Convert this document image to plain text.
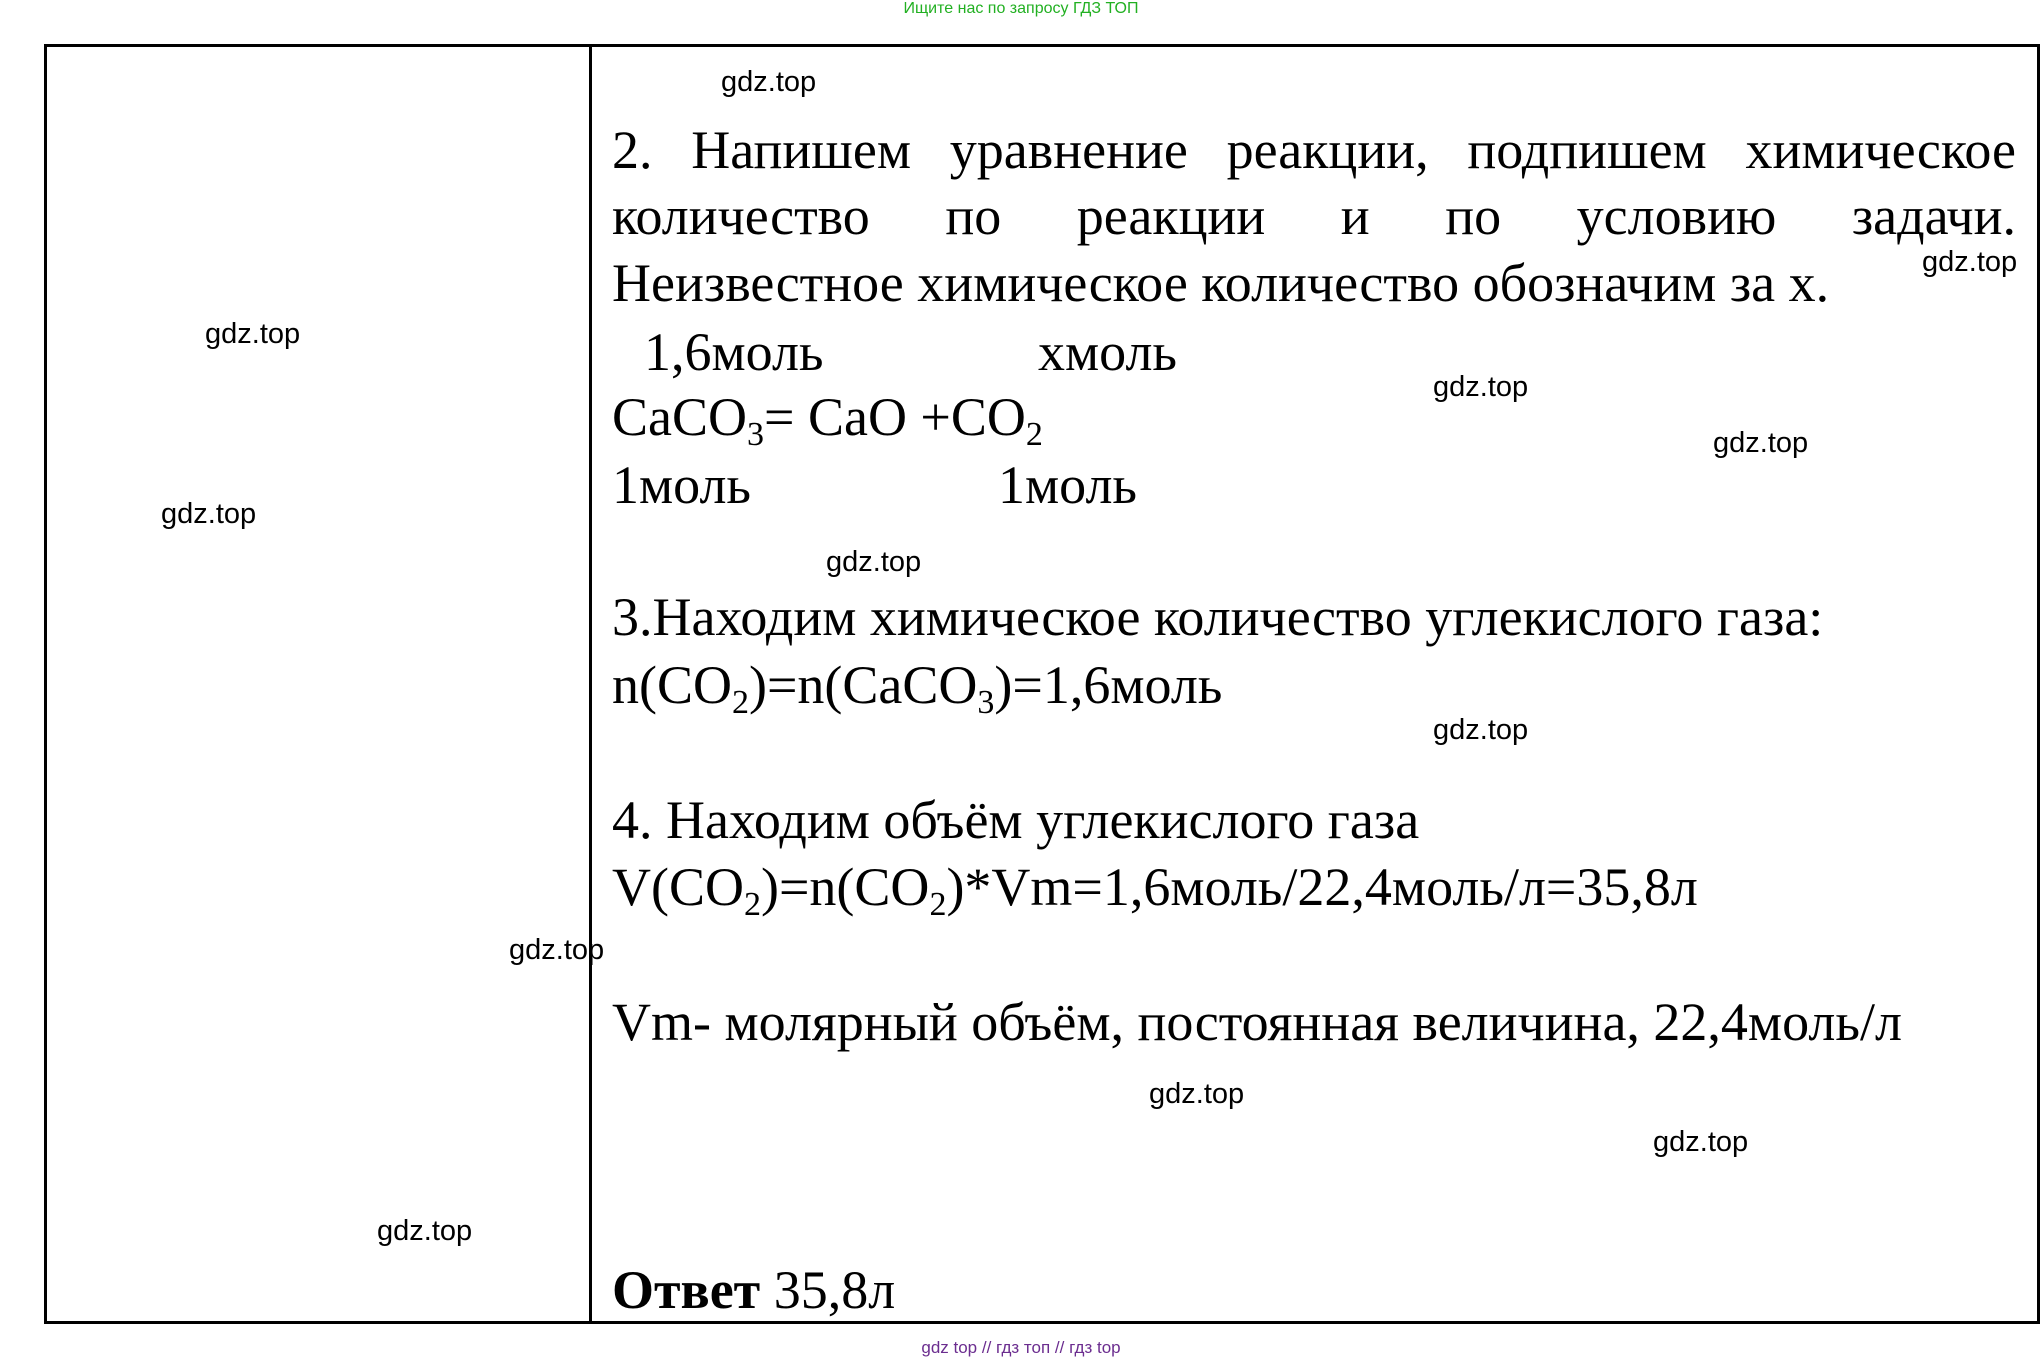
Ищите нас по запросу ГДЗ ТОП
2. Напишем уравнение реакции, подпишем химическое
количество по реакции и по условию задачи.
Неизвестное химическое количество обозначим за х.
1,6моль	хмоль
CaCO$_3$= CaO $+CO_2$
1моль	1моль
3.Находим химическое количество углекислого газа:
$n(CO_2)=n(CaCO_3)=1,6моль$
4. Находим объём углекислого газа
$V(CO_2)=n(CO_2)*Vm=1,6моль/22,4моль/л=35,8л$
Vm- молярный объём, постоянная величина, 22,4моль/л
Ответ 35,8л
gdz.top
gdz.top
gdz.top
gdz.top
gdz.top
gdz.top
gdz.top
gdz.top
gdz.top
gdz.top
gdz.top
gdz.top
gdz top // гдз топ // гдз top
